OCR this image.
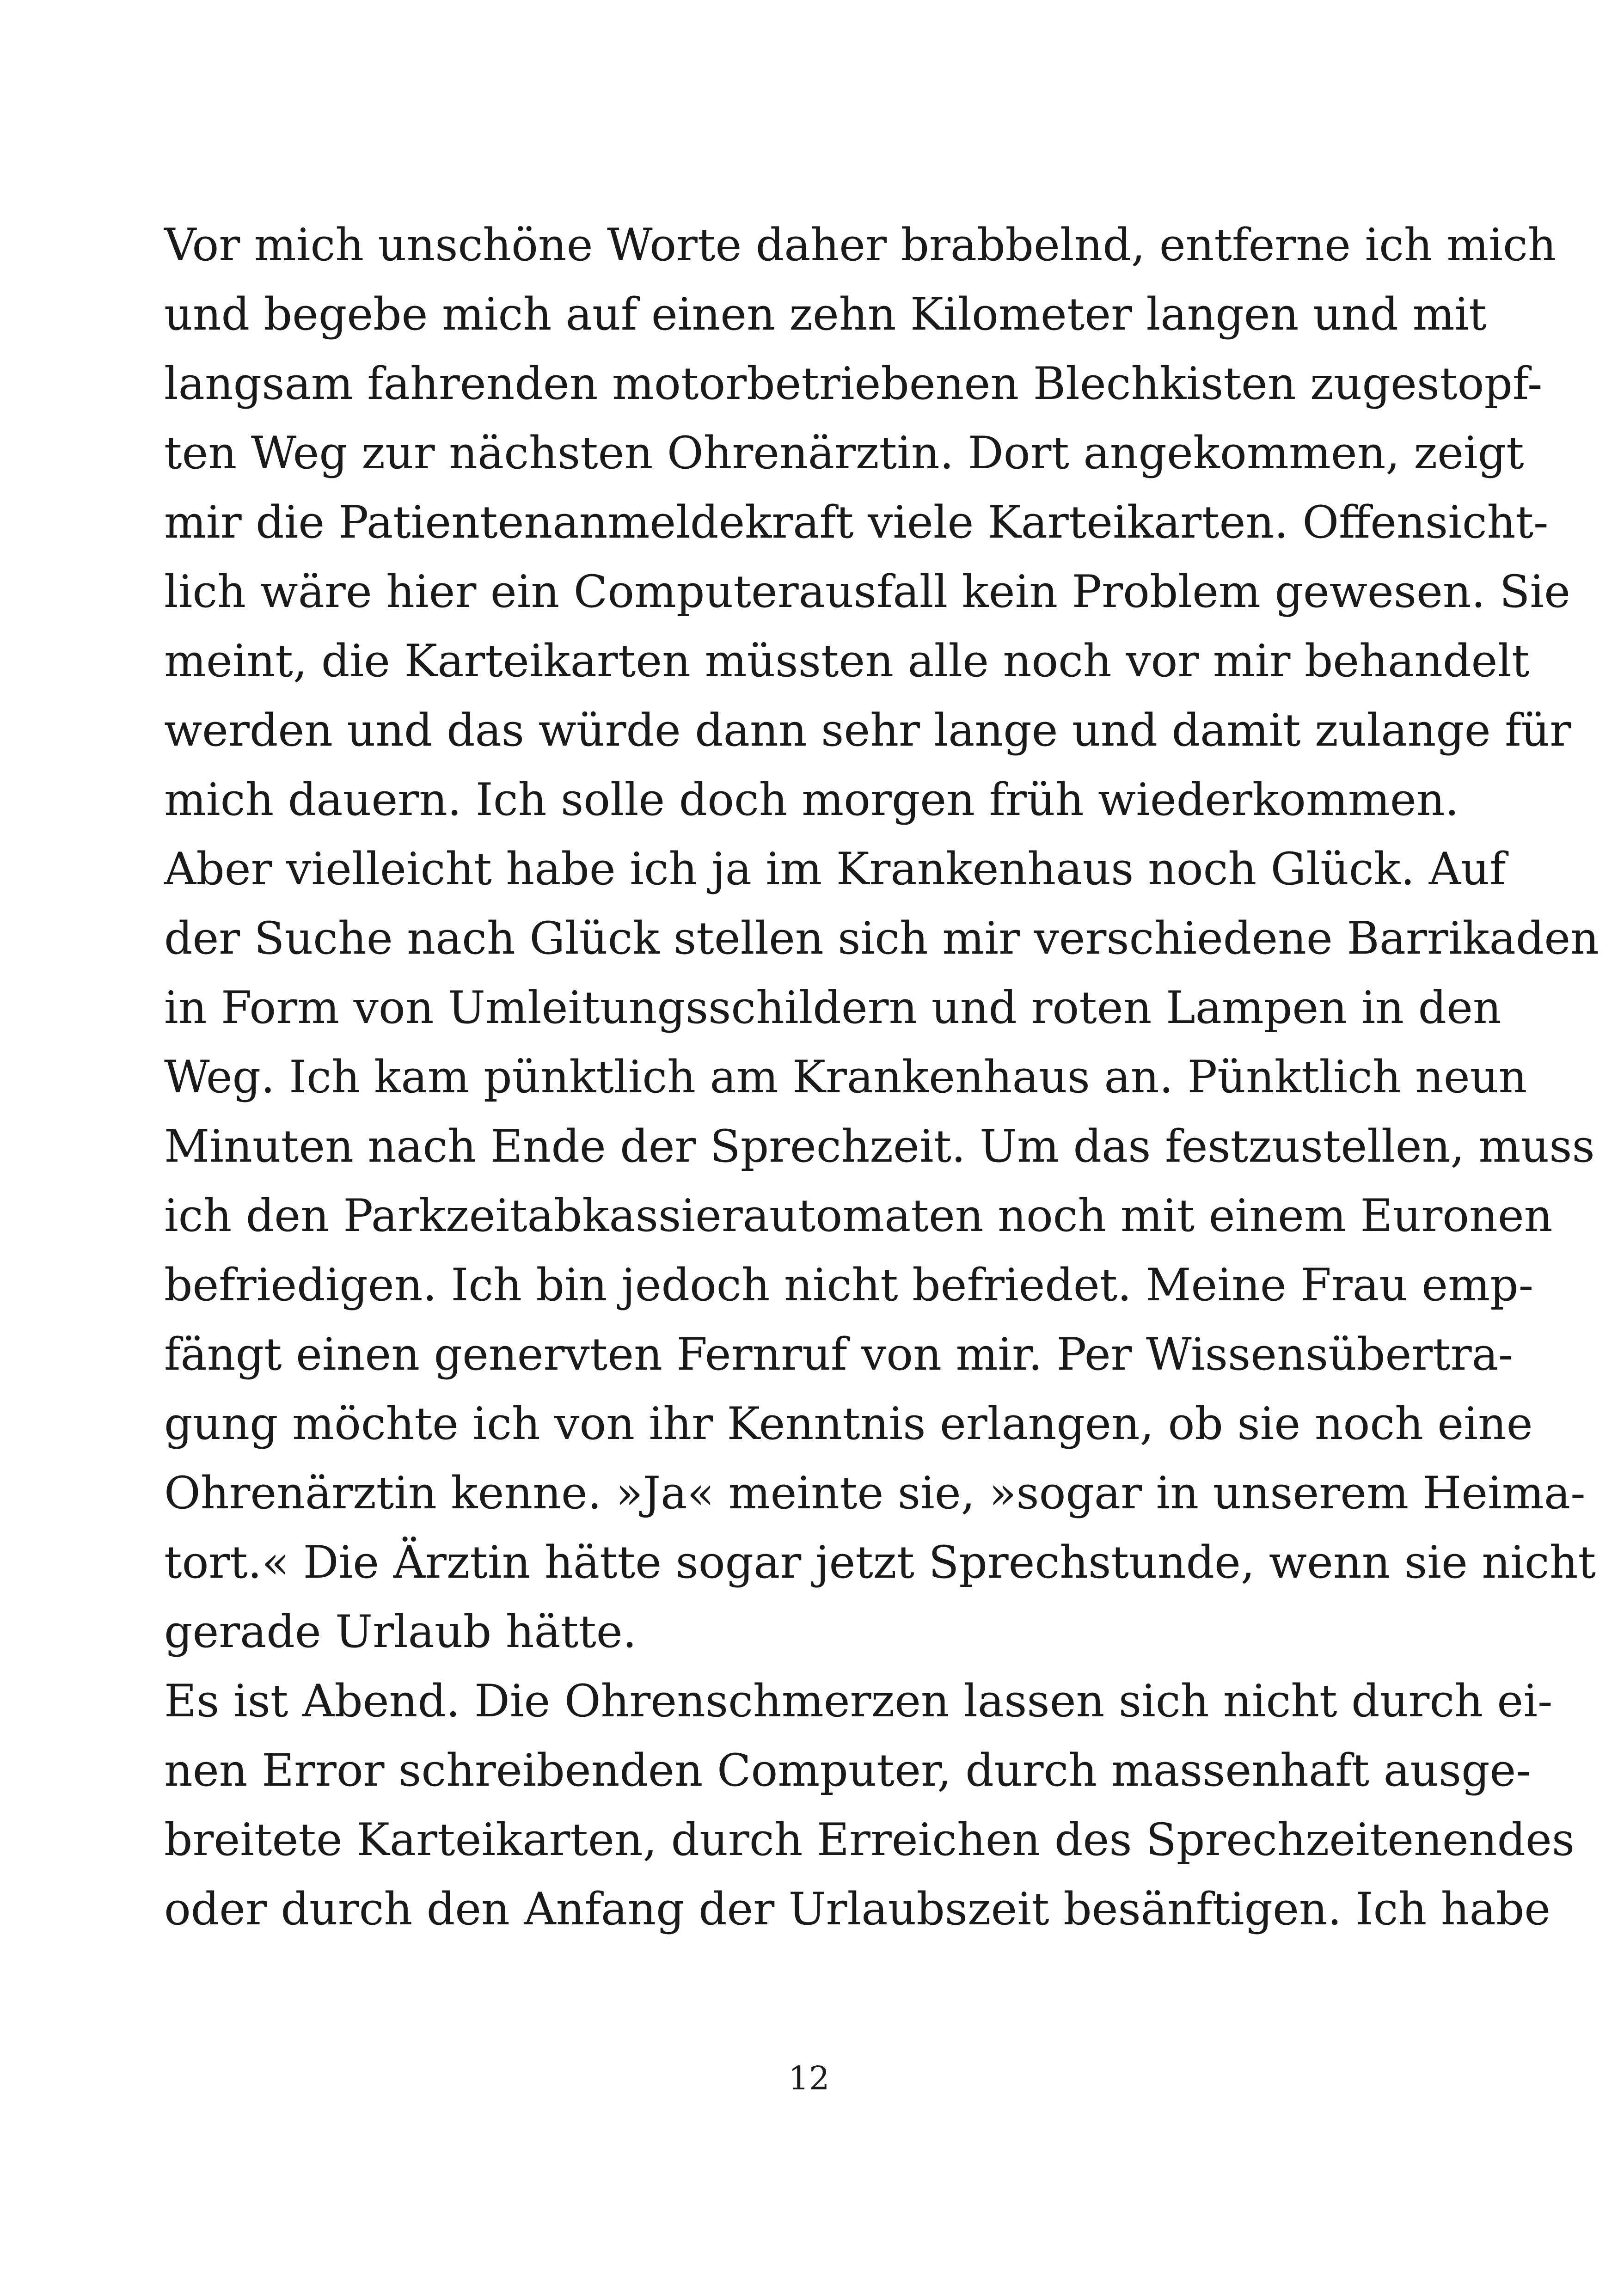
Vor mich unschöne Worte daher brabbelnd, entferne ich mich
und begebe mich auf einen zehn Kilometer langen und mit
langsam fahrenden motorbetriebenen Blechkisten zugestopf-
ten Weg zur nächsten Ohrenärztin. Dort angekommen, zeigt
mir die Patientenanmeldekraft viele Karteikarten. Offensicht-
lich wäre hier ein Computerausfall kein Problem gewesen. Sie
meint, die Karteikarten müssten alle noch vor mir behandelt
werden und das würde dann sehr lange und damit zulange für
mich dauern. Ich solle doch morgen früh wiederkommen.
Aber vielleicht habe ich ja im Krankenhaus noch Glück. Auf
der Suche nach Glück stellen sich mir verschiedene Barrikaden
in Form von Umleitungsschildern und roten Lampen in den
Weg. Ich kam pünktlich am Krankenhaus an. Pünktlich neun
Minuten nach Ende der Sprechzeit. Um das festzustellen, muss
ich den Parkzeitabkassierautomaten noch mit einem Euronen
befriedigen. Ich bin jedoch nicht befriedet. Meine Frau emp-
fängt einen genervten Fernruf von mir. Per Wissensübertra-
gung möchte ich von ihr Kenntnis erlangen, ob sie noch eine
Ohrenärztin kenne. »Ja« meinte sie, »sogar in unserem Heima-
tort.« Die Ärztin hätte sogar jetzt Sprechstunde, wenn sie nicht
gerade Urlaub hätte.
Es ist Abend. Die Ohrenschmerzen lassen sich nicht durch ei-
nen Error schreibenden Computer, durch massenhaft ausge-
breitete Karteikarten, durch Erreichen des Sprechzeitenendes
oder durch den Anfang der Urlaubszeit besänftigen. Ich habe
12
